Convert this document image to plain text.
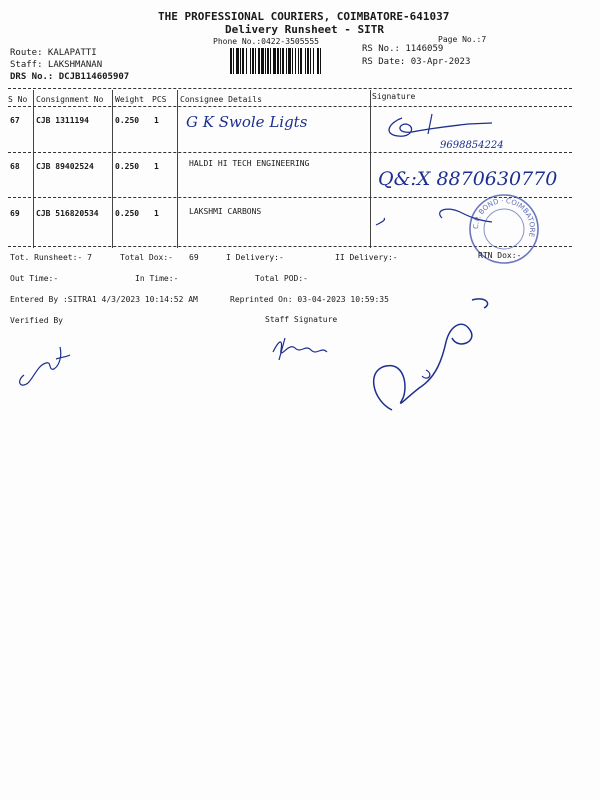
THE PROFESSIONAL COURIERS, COIMBATORE-641037
Delivery Runsheet - SITR
Phone No.:0422-3505555	Page No.:7
RS No.: 1146059
RS Date: 03-Apr-2023
Route: KALAPATTI
Staff: LAKSHMANAN
DRS No.: DCJB114605907
S No Consignment No Weight PCS Consignee Details	Signature
67 CJB 1311194	0.250 1 G K Swole Ligts
9698854224
68 CJB 89402524	0.250 1	HALDI HI TECH ENGINEERING
Q&:X 8870630770
69 CJB 516820534 0.250 1	LAKSHMI CARBONS
C.P. BOND · COIMBATORE
Tot. Runsheet:- 7	Total Dox:- 69	I Delivery:-	II Delivery:-	RTN Dox:-
Out Time:-	In Time:-	Total POD:-
Entered By :SITRA1 4/3/2023 10:14:52 AM	Reprinted On: 03-04-2023 10:59:35
Verified By	Staff Signature
